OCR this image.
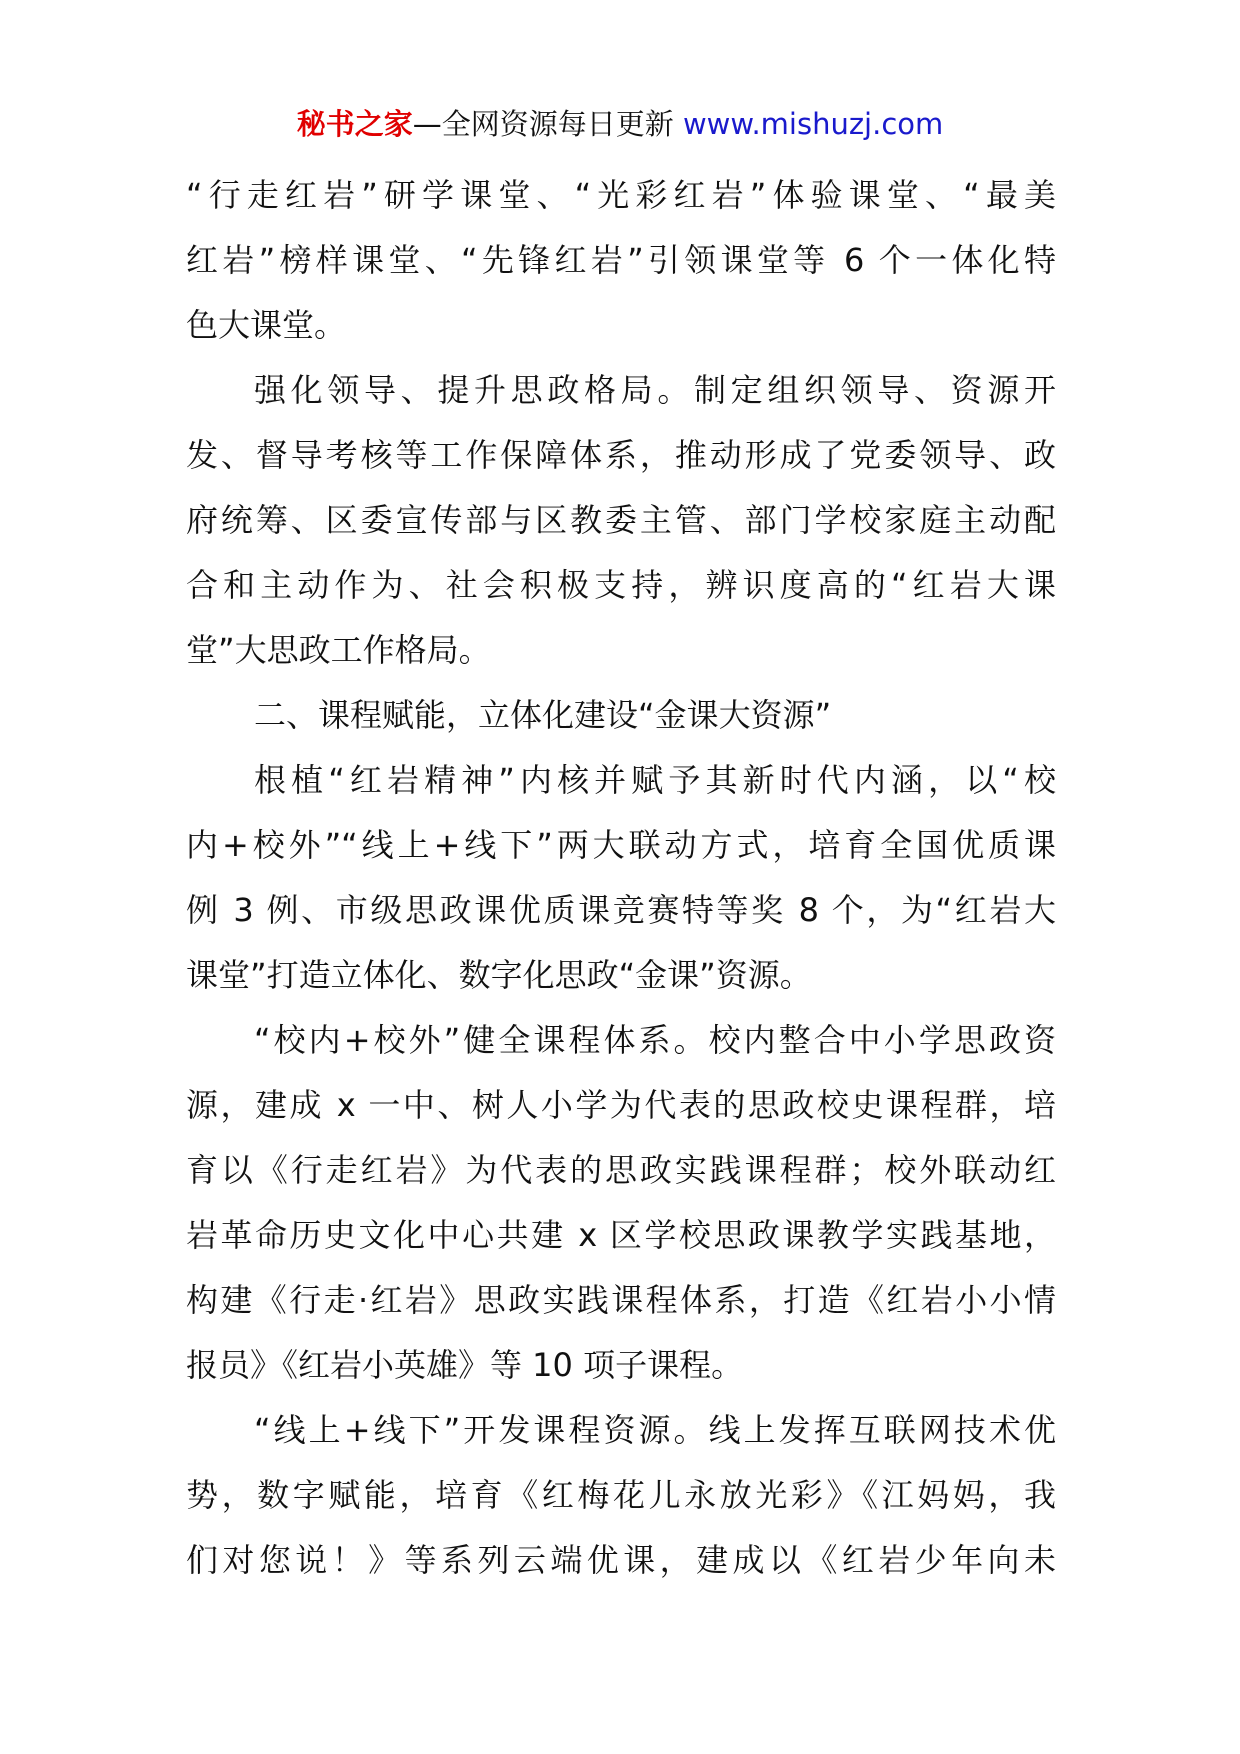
秘书之家—全网资源每日更新 www.mishuzj.com
“行走红岩”研学课堂、“光彩红岩”体验课堂、“最美
红岩”榜样课堂、“先锋红岩”引领课堂等 6 个一体化特
色大课堂。
强化领导、提升思政格局。制定组织领导、资源开
发、督导考核等工作保障体系，推动形成了党委领导、政
府统筹、区委宣传部与区教委主管、部门学校家庭主动配
合和主动作为、社会积极支持，辨识度高的“红岩大课
堂”大思政工作格局。
二、课程赋能，立体化建设“金课大资源”
根植“红岩精神”内核并赋予其新时代内涵，以“校
内+校外”“线上+线下”两大联动方式，培育全国优质课
例 3 例、市级思政课优质课竞赛特等奖 8 个，为“红岩大
课堂”打造立体化、数字化思政“金课”资源。
“校内+校外”健全课程体系。校内整合中小学思政资
源，建成 x 一中、树人小学为代表的思政校史课程群，培
育以《行走红岩》为代表的思政实践课程群；校外联动红
岩革命历史文化中心共建 x 区学校思政课教学实践基地，
构建《行走·红岩》思政实践课程体系，打造《红岩小小情
报员》《红岩小英雄》等 10 项子课程。
“线上+线下”开发课程资源。线上发挥互联网技术优
势，数字赋能，培育《红梅花儿永放光彩》《江妈妈，我
们对您说！》等系列云端优课，建成以《红岩少年向未
